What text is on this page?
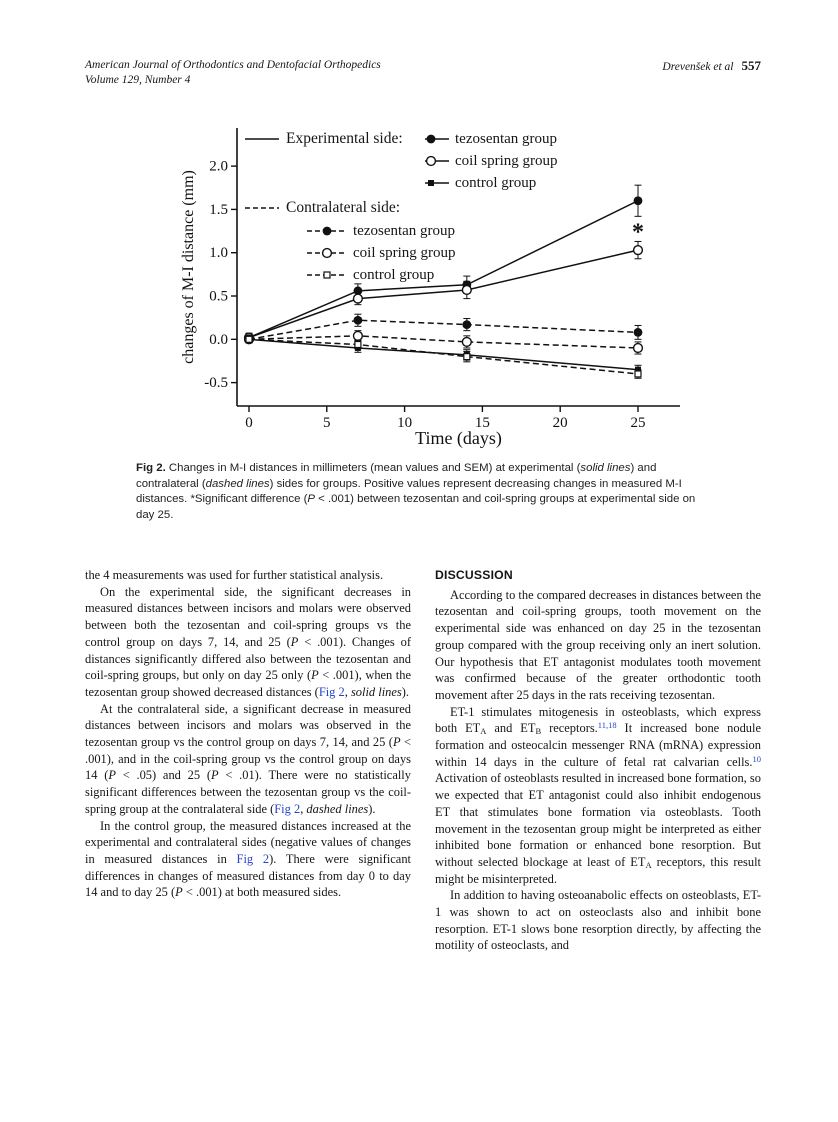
American Journal of Orthodontics and Dentofacial Orthopedics
Volume 129, Number 4
Drevenšek et al 557
0	5	10	15	20	25
-0.5
0.0
0.5
1.0
1.5
2.0
Time (days)
changes of M-I distance (mm)	*
Experimental side:	tezosentan group
coil spring group
control group
Contralateral side:
tezosentan group
coil spring group
control group
Fig 2. Changes in M-I distances in millimeters (mean values and SEM) at experimental (solid lines) and contralateral (dashed lines) sides for groups. Positive values represent decreasing changes in measured M-I distances. *Significant difference (P < .001) between tezosentan and coil-spring groups at experimental side on day 25.

the 4 measurements was used for further statistical analysis.

On the experimental side, the significant decreases in measured distances between incisors and molars were observed between both the tezosentan and coil-spring groups vs the control group on days 7, 14, and 25 (P < .001). Changes of distances significantly differed also between the tezosentan and coil-spring groups, but only on day 25 only (P < .001), when the tezosentan group showed decreased distances (Fig 2, solid lines).

At the contralateral side, a significant decrease in measured distances between incisors and molars was observed in the tezosentan group vs the control group on days 7, 14, and 25 (P < .001), and in the coil-spring group vs the control group on days 14 (P < .05) and 25 (P < .01). There were no statistically significant differences between the tezosentan group vs the coil-spring group at the contralateral side (Fig 2, dashed lines).

In the control group, the measured distances increased at the experimental and contralateral sides (negative values of changes in measured distances in Fig 2). There were significant differences in changes of measured distances from day 0 to day 14 and to day 25 (P < .001) at both measured sides.

DISCUSSION

According to the compared decreases in distances between the tezosentan and coil-spring groups, tooth movement on the experimental side was enhanced on day 25 in the tezosentan group compared with the group receiving only an inert solution. Our hypothesis that ET antagonist modulates tooth movement was confirmed because of the greater orthodontic tooth movement after 25 days in the rats receiving tezosentan.

ET-1 stimulates mitogenesis in osteoblasts, which express both $ET_A$ and $ET_B$ receptors.$^{11,18}$ It increased bone nodule formation and osteocalcin messenger RNA (mRNA) expression within 14 days in the culture of fetal rat calvarian cells.$^{10}$ Activation of osteoblasts resulted in increased bone formation, so we expected that ET antagonist could also inhibit endogenous ET that stimulates bone formation via osteoblasts. Tooth movement in the tezosentan group might be interpreted as either inhibited bone formation or enhanced bone resorption. But without selected blockage at least of $ET_A$ receptors, this result might be misinterpreted.

In addition to having osteoanabolic effects on osteoblasts, ET-1 was shown to act on osteoclasts also and inhibit bone resorption. ET-1 slows bone resorption directly, by affecting the motility of osteoclasts, and
